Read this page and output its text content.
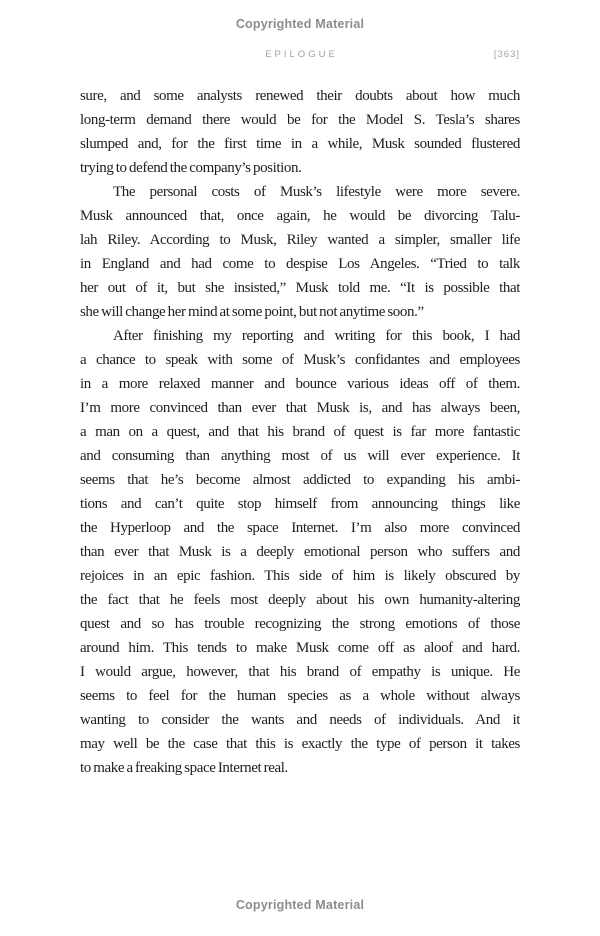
Copyrighted Material
EPILOGUE	[363]
sure, and some analysts renewed their doubts about how much
long-term demand there would be for the Model S. Tesla’s shares
slumped and, for the first time in a while, Musk sounded flustered
trying to defend the company’s position.
The personal costs of Musk’s lifestyle were more severe.
Musk announced that, once again, he would be divorcing Talu-
lah Riley. According to Musk, Riley wanted a simpler, smaller life
in England and had come to despise Los Angeles. “Tried to talk
her out of it, but she insisted,” Musk told me. “It is possible that
she will change her mind at some point, but not anytime soon.”
After finishing my reporting and writing for this book, I had
a chance to speak with some of Musk’s confidantes and employees
in a more relaxed manner and bounce various ideas off of them.
I’m more convinced than ever that Musk is, and has always been,
a man on a quest, and that his brand of quest is far more fantastic
and consuming than anything most of us will ever experience. It
seems that he’s become almost addicted to expanding his ambi-
tions and can’t quite stop himself from announcing things like
the Hyperloop and the space Internet. I’m also more convinced
than ever that Musk is a deeply emotional person who suffers and
rejoices in an epic fashion. This side of him is likely obscured by
the fact that he feels most deeply about his own humanity-altering
quest and so has trouble recognizing the strong emotions of those
around him. This tends to make Musk come off as aloof and hard.
I would argue, however, that his brand of empathy is unique. He
seems to feel for the human species as a whole without always
wanting to consider the wants and needs of individuals. And it
may well be the case that this is exactly the type of person it takes
to make a freaking space Internet real.
Copyrighted Material
